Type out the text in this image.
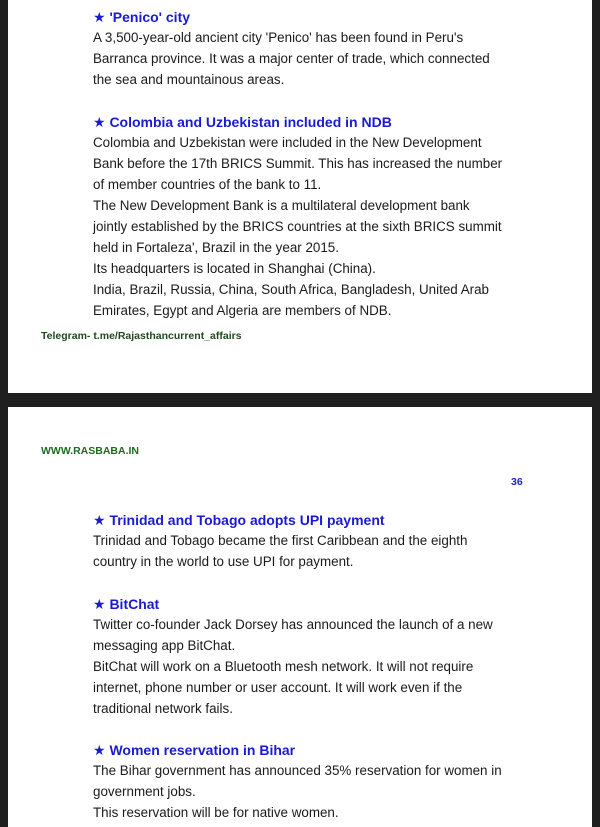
★ 'Penico' city
A 3,500-year-old ancient city 'Penico' has been found in Peru's
Barranca province. It was a major center of trade, which connected
the sea and mountainous areas.
★ Colombia and Uzbekistan included in NDB
Colombia and Uzbekistan were included in the New Development
Bank before the 17th BRICS Summit. This has increased the number
of member countries of the bank to 11.
The New Development Bank is a multilateral development bank
jointly established by the BRICS countries at the sixth BRICS summit
held in Fortaleza', Brazil in the year 2015.
Its headquarters is located in Shanghai (China).
India, Brazil, Russia, China, South Africa, Bangladesh, United Arab
Emirates, Egypt and Algeria are members of NDB.
Telegram- t.me/Rajasthancurrent_affairs
WWW.RASBABA.IN
36
★ Trinidad and Tobago adopts UPI payment
Trinidad and Tobago became the first Caribbean and the eighth
country in the world to use UPI for payment.
★ BitChat
Twitter co-founder Jack Dorsey has announced the launch of a new
messaging app BitChat.
BitChat will work on a Bluetooth mesh network. It will not require
internet, phone number or user account. It will work even if the
traditional network fails.
★ Women reservation in Bihar
The Bihar government has announced 35% reservation for women in
government jobs.
This reservation will be for native women.
